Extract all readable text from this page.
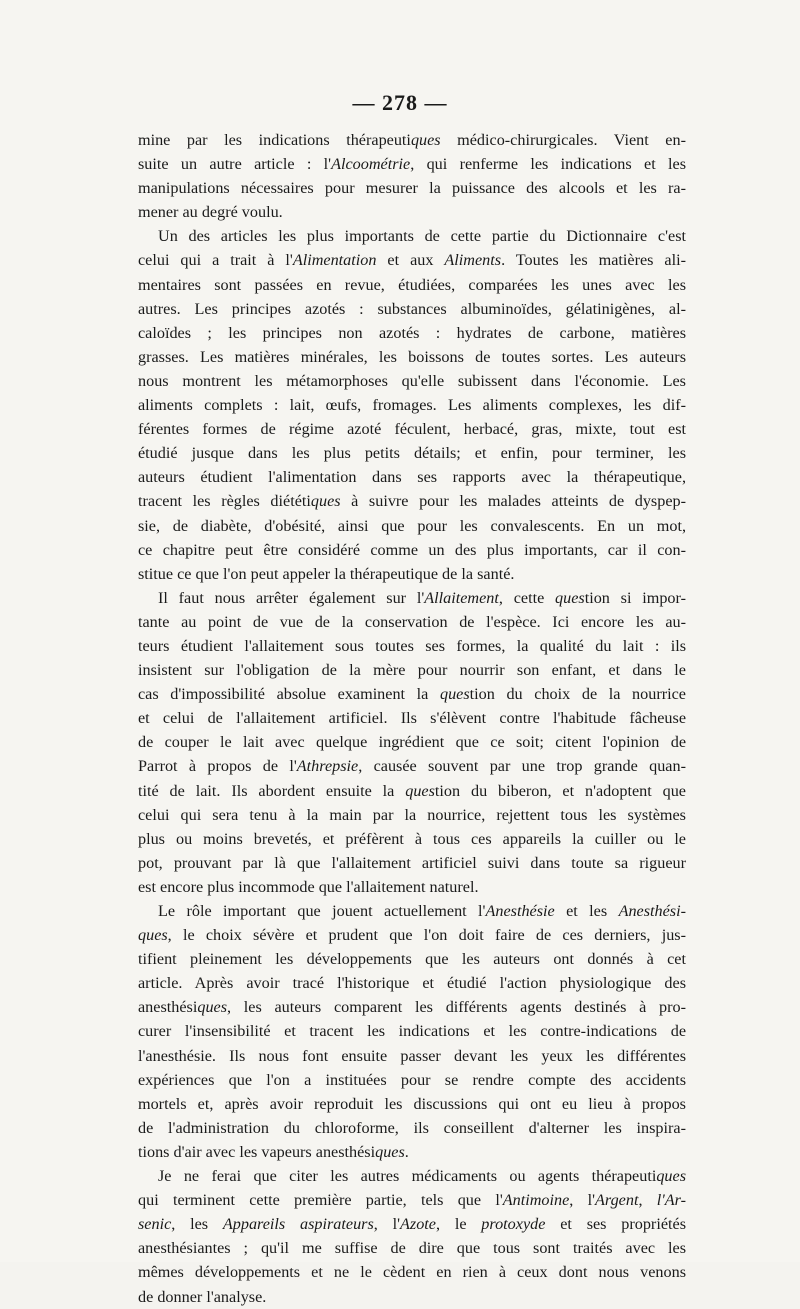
— 278 —
mine par les indications thérapeutiques médico-chirurgicales. Vient en-
suite un autre article : l'Alcoométrie, qui renferme les indications et les
manipulations nécessaires pour mesurer la puissance des alcools et les ra-
mener au degré voulu.
Un des articles les plus importants de cette partie du Dictionnaire c'est
celui qui a trait à l'Alimentation et aux Aliments. Toutes les matières ali-
mentaires sont passées en revue, étudiées, comparées les unes avec les
autres. Les principes azotés : substances albuminoïdes, gélatinigènes, al-
caloïdes ; les principes non azotés : hydrates de carbone, matières
grasses. Les matières minérales, les boissons de toutes sortes. Les auteurs
nous montrent les métamorphoses qu'elle subissent dans l'économie. Les
aliments complets : lait, œufs, fromages. Les aliments complexes, les dif-
férentes formes de régime azoté féculent, herbacé, gras, mixte, tout est
étudié jusque dans les plus petits détails; et enfin, pour terminer, les
auteurs étudient l'alimentation dans ses rapports avec la thérapeutique,
tracent les règles diététiques à suivre pour les malades atteints de dyspep-
sie, de diabète, d'obésité, ainsi que pour les convalescents. En un mot,
ce chapitre peut être considéré comme un des plus importants, car il con-
stitue ce que l'on peut appeler la thérapeutique de la santé.
Il faut nous arrêter également sur l'Allaitement, cette question si impor-
tante au point de vue de la conservation de l'espèce. Ici encore les au-
teurs étudient l'allaitement sous toutes ses formes, la qualité du lait : ils
insistent sur l'obligation de la mère pour nourrir son enfant, et dans le
cas d'impossibilité absolue examinent la question du choix de la nourrice
et celui de l'allaitement artificiel. Ils s'élèvent contre l'habitude fâcheuse
de couper le lait avec quelque ingrédient que ce soit; citent l'opinion de
Parrot à propos de l'Athrepsie, causée souvent par une trop grande quan-
tité de lait. Ils abordent ensuite la question du biberon, et n'adoptent que
celui qui sera tenu à la main par la nourrice, rejettent tous les systèmes
plus ou moins brevetés, et préfèrent à tous ces appareils la cuiller ou le
pot, prouvant par là que l'allaitement artificiel suivi dans toute sa rigueur
est encore plus incommode que l'allaitement naturel.
Le rôle important que jouent actuellement l'Anesthésie et les Anesthési-
ques, le choix sévère et prudent que l'on doit faire de ces derniers, jus-
tifient pleinement les développements que les auteurs ont donnés à cet
article. Après avoir tracé l'historique et étudié l'action physiologique des
anesthésiques, les auteurs comparent les différents agents destinés à pro-
curer l'insensibilité et tracent les indications et les contre-indications de
l'anesthésie. Ils nous font ensuite passer devant les yeux les différentes
expériences que l'on a instituées pour se rendre compte des accidents
mortels et, après avoir reproduit les discussions qui ont eu lieu à propos
de l'administration du chloroforme, ils conseillent d'alterner les inspira-
tions d'air avec les vapeurs anesthésiques.
Je ne ferai que citer les autres médicaments ou agents thérapeutiques
qui terminent cette première partie, tels que l'Antimoine, l'Argent, l'Ar-
senic, les Appareils aspirateurs, l'Azote, le protoxyde et ses propriétés
anesthésiantes ; qu'il me suffise de dire que tous sont traités avec les
mêmes développements et ne le cèdent en rien à ceux dont nous venons
de donner l'analyse.
